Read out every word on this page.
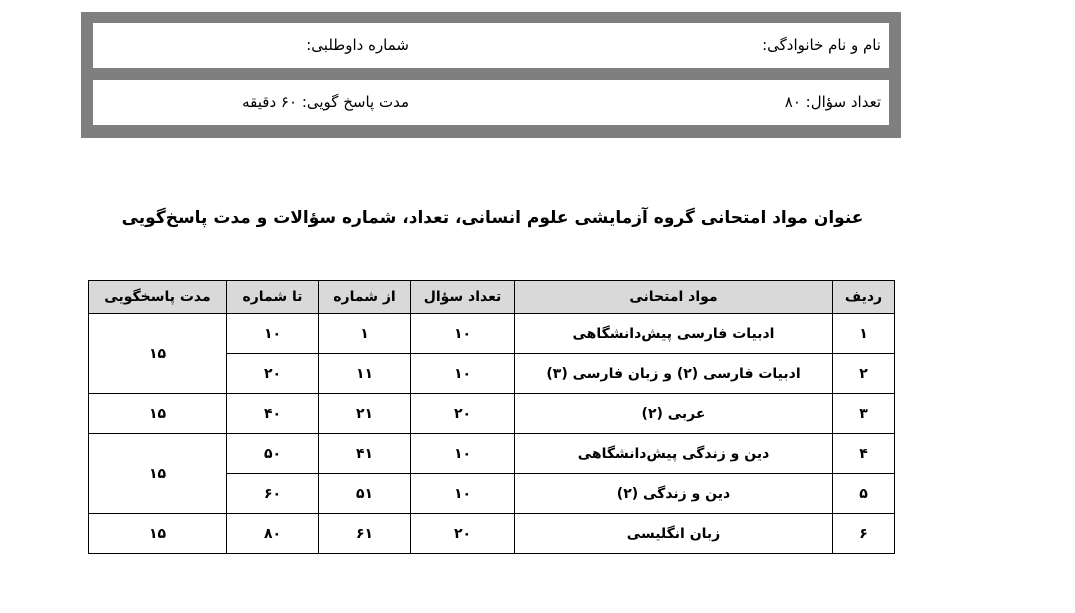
نام و نام خانوادگی:
شماره داوطلبی:
تعداد سؤال: ۸۰
مدت پاسخ گویی: ۶۰ دقیقه
عنوان مواد امتحانی گروه آزمایشی علوم انسانی، تعداد، شماره سؤالات و مدت پاسخ‌گویی
ردیف	مواد امتحانی	تعداد سؤال	از شماره	تا شماره	مدت پاسخگویی
۱	ادبیات فارسی پیش‌دانشگاهی	۱۰	۱	۱۰	۱۵
۲	ادبیات فارسی (۲) و زبان فارسی (۳)	۱۰	۱۱	۲۰	
۳	عربی (۲)	۲۰	۲۱	۴۰	۱۵
۴	دین و زندگی پیش‌دانشگاهی	۱۰	۴۱	۵۰	۱۵
۵	دین و زندگی (۲)	۱۰	۵۱	۶۰	
۶	زبان انگلیسی	۲۰	۶۱	۸۰	۱۵
